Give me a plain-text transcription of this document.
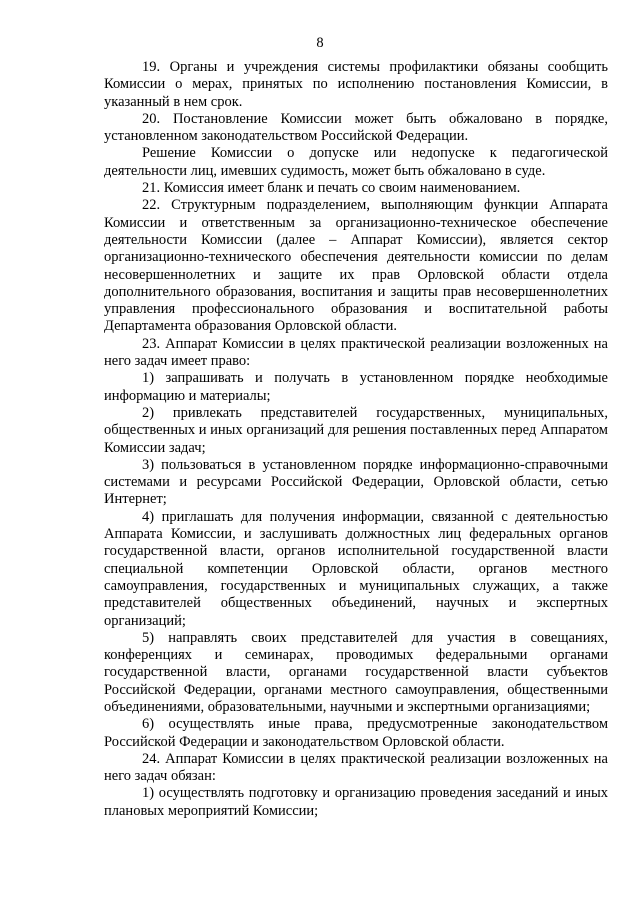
8

19. Органы и учреждения системы профилактики обязаны сообщить Комиссии о мерах, принятых по исполнению постановления Комиссии, в указанный в нем срок.

20. Постановление Комиссии может быть обжаловано в порядке, установленном законодательством Российской Федерации.

Решение Комиссии о допуске или недопуске к педагогической деятельности лиц, имевших судимость, может быть обжаловано в суде.

21. Комиссия имеет бланк и печать со своим наименованием.

22. Структурным подразделением, выполняющим функции Аппарата Комиссии и ответственным за организационно-техническое обеспечение деятельности Комиссии (далее – Аппарат Комиссии), является сектор организационно-технического обеспечения деятельности комиссии по делам несовершеннолетних и защите их прав Орловской области отдела дополнительного образования, воспитания и защиты прав несовершеннолетних управления профессионального образования и воспитательной работы Департамента образования Орловской области.

23. Аппарат Комиссии в целях практической реализации возложенных на него задач имеет право:

1) запрашивать и получать в установленном порядке необходимые информацию и материалы;

2) привлекать представителей государственных, муниципальных, общественных и иных организаций для решения поставленных перед Аппаратом Комиссии задач;

3) пользоваться в установленном порядке информационно-справочными системами и ресурсами Российской Федерации, Орловской области, сетью Интернет;

4) приглашать для получения информации, связанной с деятельностью Аппарата Комиссии, и заслушивать должностных лиц федеральных органов государственной власти, органов исполнительной государственной власти специальной компетенции Орловской области, органов местного самоуправления, государственных и муниципальных служащих, а также представителей общественных объединений, научных и экспертных организаций;

5) направлять своих представителей для участия в совещаниях, конференциях и семинарах, проводимых федеральными органами государственной власти, органами государственной власти субъектов Российской Федерации, органами местного самоуправления, общественными объединениями, образовательными, научными и экспертными организациями;

6) осуществлять иные права, предусмотренные законодательством Российской Федерации и законодательством Орловской области.

24. Аппарат Комиссии в целях практической реализации возложенных на него задач обязан:

1) осуществлять подготовку и организацию проведения заседаний и иных плановых мероприятий Комиссии;
